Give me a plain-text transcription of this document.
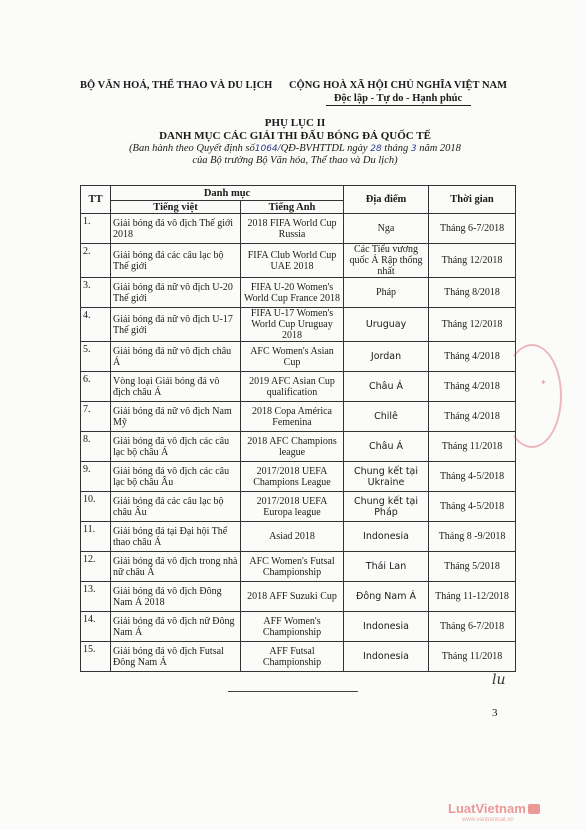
BỘ VĂN HOÁ, THỂ THAO VÀ DU LỊCH	CỘNG HOÀ XÃ HỘI CHỦ NGHĨA VIỆT NAM
Độc lập - Tự do - Hạnh phúc
PHỤ LỤC II
DANH MỤC CÁC GIẢI THI ĐẤU BÓNG ĐÁ QUỐC TẾ
(Ban hành theo Quyết định số1064/QĐ-BVHTTDL ngày 28 tháng 3 năm 2018
của Bộ trưởng Bộ Văn hóa, Thể thao và Du lịch)
TT	Danh mục		Địa điểm	Thời gian
	Tiếng việt	Tiếng Anh		
1.	Giải bóng đá vô địch Thế giới 2018	2018 FIFA World Cup Russia	Nga	Tháng 6-7/2018
2.	Giải bóng đá các câu lạc bộ Thế giới	FIFA Club World Cup UAE 2018	Các Tiểu vương quốc Ả Rập thống nhất	Tháng 12/2018
3.	Giải bóng đá nữ vô địch U-20 Thế giới	FIFA U-20 Women's World Cup France 2018	Pháp	Tháng 8/2018
4.	Giải bóng đá nữ vô địch U-17 Thế giới	FIFA U-17 Women's World Cup Uruguay 2018	Uruguay	Tháng 12/2018
5.	Giải bóng đá nữ vô địch châu Á	AFC Women's Asian Cup	Jordan	Tháng 4/2018
6.	Vòng loại Giải bóng đá vô địch châu Á	2019 AFC Asian Cup qualification	Châu Á	Tháng 4/2018
7.	Giải bóng đá nữ vô địch Nam Mỹ	2018 Copa América Femenina	Chilê	Tháng 4/2018
8.	Giải bóng đá vô địch các câu lạc bộ châu Á	2018 AFC Champions league	Châu Á	Tháng 11/2018
9.	Giải bóng đá vô địch các câu lạc bộ châu Âu	2017/2018 UEFA Champions League	Chung kết tại Ukraine	Tháng 4-5/2018
10.	Giải bóng đá các câu lạc bộ châu Âu	2017/2018 UEFA Europa league	Chung kết tại Pháp	Tháng 4-5/2018
11.	Giải bóng đá tại Đại hội Thể thao châu Á	Asiad 2018	Indonesia	Tháng 8 -9/2018
12.	Giải bóng đá vô địch trong nhà nữ châu Á	AFC Women's Futsal Championship	Thái Lan	Tháng 5/2018
13.	Giải bóng đá vô địch Đông Nam Á 2018	2018 AFF Suzuki Cup	Đông Nam Á	Tháng 11-12/2018
14.	Giải bóng đá vô địch nữ Đông Nam Á	AFF Women's Championship	Indonesia	Tháng 6-7/2018
15.	Giải bóng đá vô địch Futsal Đông Nam Á	AFF Futsal Championship	Indonesia	Tháng 11/2018
✦
lu
3
LuatVietnam
www.vanbanluat.vn
